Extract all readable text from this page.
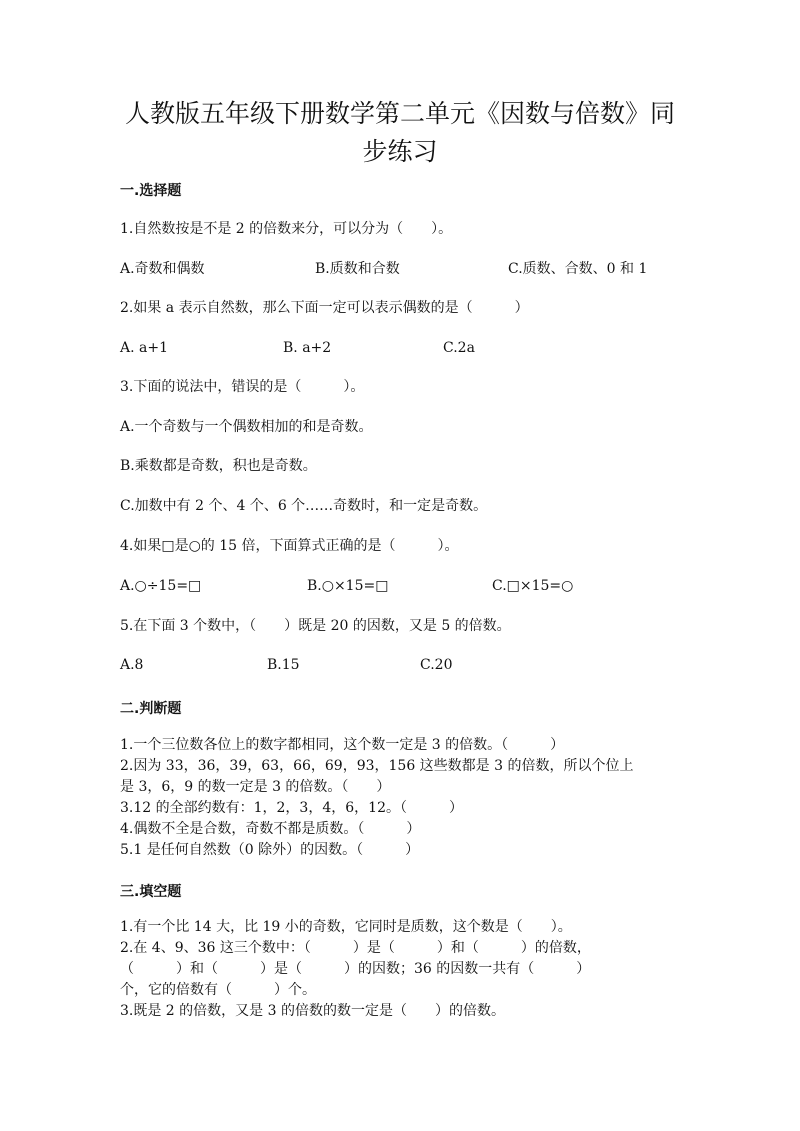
人教版五年级下册数学第二单元《因数与倍数》同
步练习
一.选择题
1.自然数按是不是 2 的倍数来分，可以分为（　　）。
A.奇数和偶数	B.质数和合数	C.质数、合数、0 和 1
2.如果 a 表示自然数，那么下面一定可以表示偶数的是（　　　）
A. a+1	B. a+2	C.2a
3.下面的说法中，错误的是（　　　）。
A.一个奇数与一个偶数相加的和是奇数。
B.乘数都是奇数，积也是奇数。
C.加数中有 2 个、4 个、6 个……奇数时，和一定是奇数。
4.如果□是○的 15 倍，下面算式正确的是（　　　）。
A.○÷15=□	B.○×15=□	C.□×15=○
5.在下面 3 个数中，（　　）既是 20 的因数，又是 5 的倍数。
A.8	B.15	C.20
二.判断题
1.一个三位数各位上的数字都相同，这个数一定是 3 的倍数。（　　　）
2.因为 33，36，39，63，66，69，93，156 这些数都是 3 的倍数，所以个位上
是 3，6，9 的数一定是 3 的倍数。（　　）
3.12 的全部约数有：1，2，3，4，6，12。（　　　）
4.偶数不全是合数，奇数不都是质数。（　　　）
5.1 是任何自然数（0 除外）的因数。（　　　）
三.填空题
1.有一个比 14 大，比 19 小的奇数，它同时是质数，这个数是（　　）。
2.在 4、9、36 这三个数中：（　　　）是（　　　）和（　　　）的倍数，
（　　　）和（　　　）是（　　　）的因数；36 的因数一共有（　　　）
个，它的倍数有（　　　）个。
3.既是 2 的倍数，又是 3 的倍数的数一定是（　　）的倍数。
